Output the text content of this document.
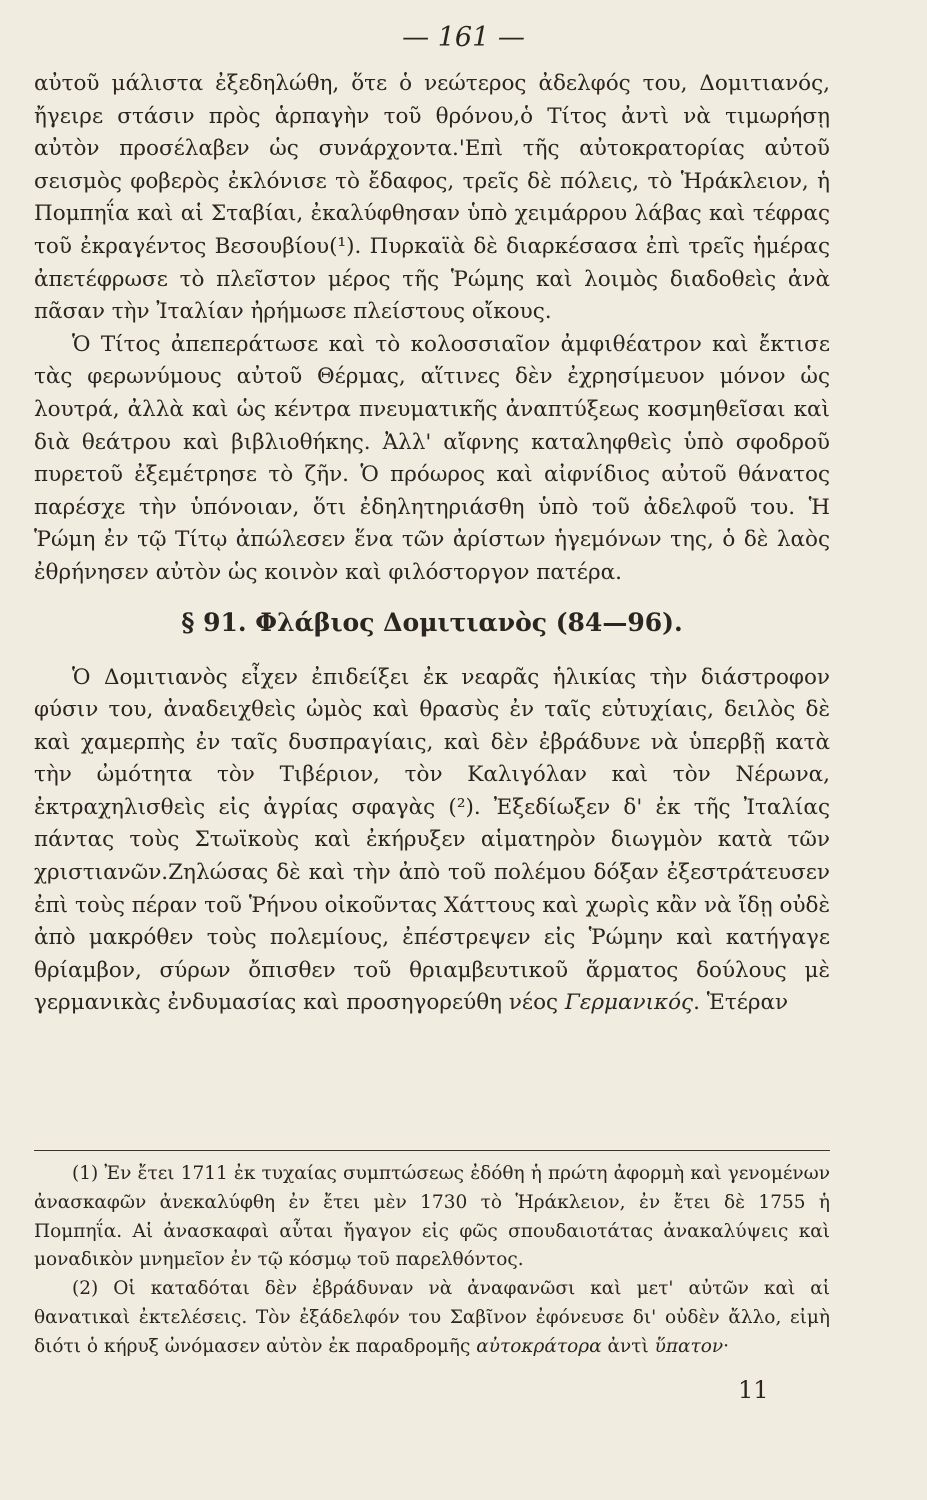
— 161 —

αὐτοῦ μάλιστα ἐξεδηλώθη, ὅτε ὁ νεώτερος ἀδελφός του, Δομιτιανός, ἤγειρε στάσιν πρὸς ἁρπαγὴν τοῦ θρόνου,ὁ Τίτος ἀντὶ νὰ τιμωρήσῃ αὐτὸν προσέλαβεν ὡς συνάρχοντα.'Επὶ τῆς αὐτοκρατορίας αὐτοῦ σεισμὸς φοβερὸς ἐκλόνισε τὸ ἔδαφος, τρεῖς δὲ πόλεις, τὸ Ἡράκλειον, ἡ Πομπηΐα καὶ αἱ Σταβίαι, ἐκαλύφθησαν ὑπὸ χειμάρρου λάβας καὶ τέφρας τοῦ ἐκραγέντος Βεσουβίου(¹). Πυρκαϊὰ δὲ διαρκέσασα ἐπὶ τρεῖς ἡμέρας ἀπετέφρωσε τὸ πλεῖστον μέρος τῆς Ῥώμης καὶ λοιμὸς διαδοθεὶς ἀνὰ πᾶσαν τὴν Ἰταλίαν ἠρήμωσε πλείστους οἴκους.

Ὁ Τίτος ἀπεπεράτωσε καὶ τὸ κολοσσιαῖον ἀμφιθέατρον καὶ ἔκτισε τὰς φερωνύμους αὐτοῦ Θέρμας, αἵτινες δὲν ἐχρησίμευον μόνον ὡς λουτρά, ἀλλὰ καὶ ὡς κέντρα πνευματικῆς ἀναπτύξεως κοσμηθεῖσαι καὶ διὰ θεάτρου καὶ βιβλιοθήκης. Ἀλλ' αἴφνης καταληφθεὶς ὑπὸ σφοδροῦ πυρετοῦ ἐξεμέτρησε τὸ ζῆν. Ὁ πρόωρος καὶ αἰφνίδιος αὐτοῦ θάνατος παρέσχε τὴν ὑπόνοιαν, ὅτι ἐδηλητηριάσθη ὑπὸ τοῦ ἀδελφοῦ του. Ἡ Ῥώμη ἐν τῷ Τίτῳ ἀπώλεσεν ἕνα τῶν ἀρίστων ἡγεμόνων της, ὁ δὲ λαὸς ἐθρήνησεν αὐτὸν ὡς κοινὸν καὶ φιλόστοργον πατέρα.

§ 91. Φλάβιος Δομιτιανὸς (84—96).

Ὁ Δομιτιανὸς εἶχεν ἐπιδείξει ἐκ νεαρᾶς ἡλικίας τὴν διάστροφον φύσιν του, ἀναδειχθεὶς ὠμὸς καὶ θρασὺς ἐν ταῖς εὐτυχίαις, δειλὸς δὲ καὶ χαμερπὴς ἐν ταῖς δυσπραγίαις, καὶ δὲν ἐβράδυνε νὰ ὑπερβῇ κατὰ τὴν ὠμότητα τὸν Τιβέριον, τὸν Καλιγόλαν καὶ τὸν Νέρωνα, ἐκτραχηλισθεὶς εἰς ἀγρίας σφαγὰς (²). Ἐξεδίωξεν δ' ἐκ τῆς Ἰταλίας πάντας τοὺς Στωϊκοὺς καὶ ἐκήρυξεν αἱματηρὸν διωγμὸν κατὰ τῶν χριστιανῶν.Ζηλώσας δὲ καὶ τὴν ἀπὸ τοῦ πολέμου δόξαν ἐξεστράτευσεν ἐπὶ τοὺς πέραν τοῦ Ῥήνου οἰκοῦντας Χάττους καὶ χωρὶς κἂν νὰ ἴδῃ οὐδὲ ἀπὸ μακρόθεν τοὺς πολεμίους, ἐπέστρεψεν εἰς Ῥώμην καὶ κατήγαγε θρίαμβον, σύρων ὄπισθεν τοῦ θριαμβευτικοῦ ἅρματος δούλους μὲ γερμανικὰς ἐνδυμασίας καὶ προσηγορεύθη νέος Γερμανικός. Ἑτέραν

(1) Ἐν ἔτει 1711 ἐκ τυχαίας συμπτώσεως ἐδόθη ἡ πρώτη ἀφορμὴ καὶ γενομένων ἀνασκαφῶν ἀνεκαλύφθη ἐν ἔτει μὲν 1730 τὸ Ἡράκλειον, ἐν ἔτει δὲ 1755 ἡ Πομπηΐα. Αἱ ἀνασκαφαὶ αὗται ἤγαγον εἰς φῶς σπουδαιοτάτας ἀνακαλύψεις καὶ μοναδικὸν μνημεῖον ἐν τῷ κόσμῳ τοῦ παρελθόντος.

(2) Οἱ καταδόται δὲν ἐβράδυναν νὰ ἀναφανῶσι καὶ μετ' αὐτῶν καὶ αἱ θανατικαὶ ἐκτελέσεις. Τὸν ἐξάδελφόν του Σαβῖνον ἐφόνευσε δι' οὐδὲν ἄλλο, εἰμὴ διότι ὁ κήρυξ ὠνόμασεν αὐτὸν ἐκ παραδρομῆς αὐτοκράτορα ἀντὶ ὕπατον·

11
